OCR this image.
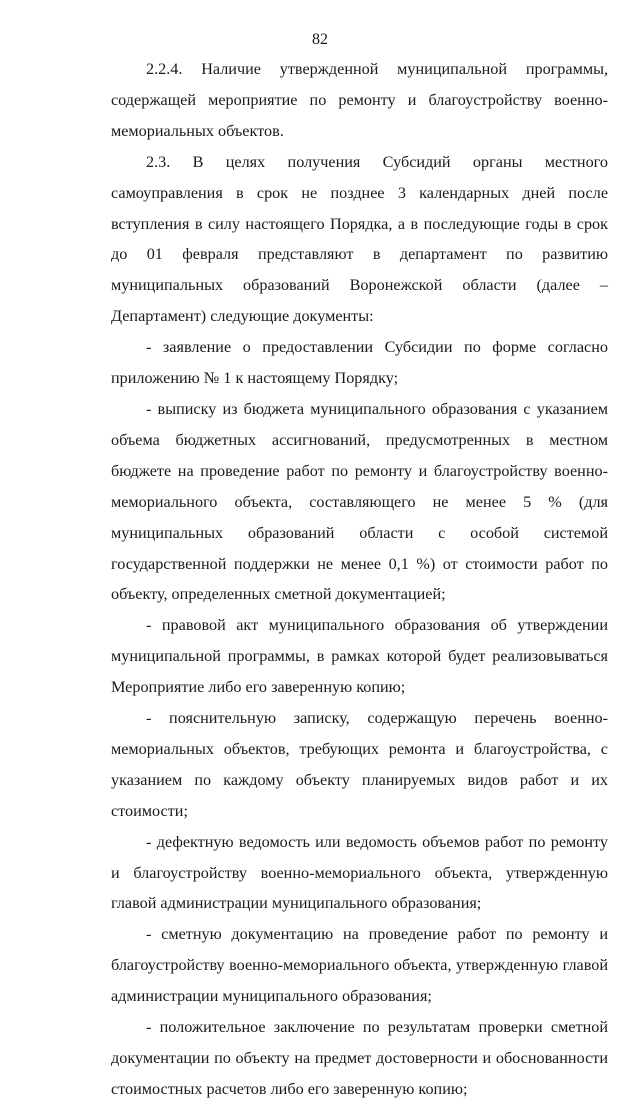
82

2.2.4. Наличие утвержденной муниципальной программы, содержащей мероприятие по ремонту и благоустройству военно-мемориальных объектов.

2.3. В целях получения Субсидий органы местного самоуправления в срок не позднее 3 календарных дней после вступления в силу настоящего Порядка, а в последующие годы в срок до 01 февраля представляют в департамент по развитию муниципальных образований Воронежской области (далее – Департамент) следующие документы:

- заявление о предоставлении Субсидии по форме согласно приложению № 1 к настоящему Порядку;

- выписку из бюджета муниципального образования с указанием объема бюджетных ассигнований, предусмотренных в местном бюджете на проведение работ по ремонту и благоустройству военно-мемориального объекта, составляющего не менее 5 % (для муниципальных образований области с особой системой государственной поддержки не менее 0,1 %) от стоимости работ по объекту, определенных сметной документацией;

- правовой акт муниципального образования об утверждении муниципальной программы, в рамках которой будет реализовываться Мероприятие либо его заверенную копию;

- пояснительную записку, содержащую перечень военно-мемориальных объектов, требующих ремонта и благоустройства, с указанием по каждому объекту планируемых видов работ и их стоимости;

- дефектную ведомость или ведомость объемов работ по ремонту и благоустройству военно-мемориального объекта, утвержденную главой администрации муниципального образования;

- сметную документацию на проведение работ по ремонту и благоустройству военно-мемориального объекта, утвержденную главой администрации муниципального образования;

- положительное заключение по результатам проверки сметной документации по объекту на предмет достоверности и обоснованности стоимостных расчетов либо его заверенную копию;
